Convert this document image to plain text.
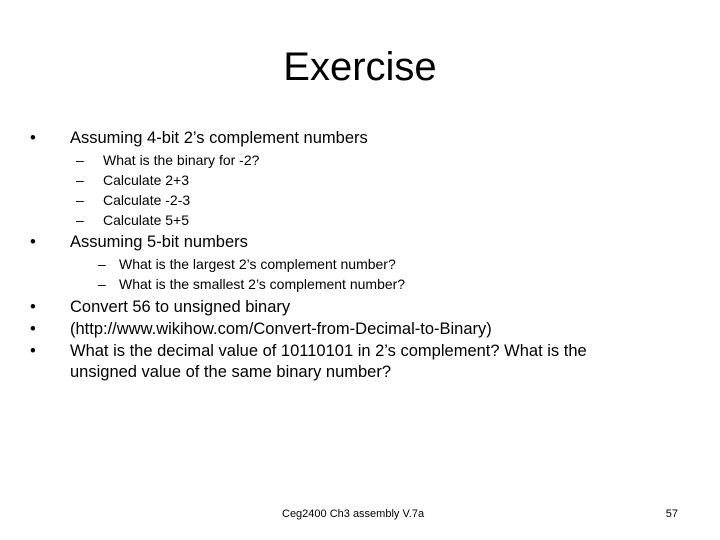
Exercise
•	Assuming 4-bit 2’s complement numbers
– What is the binary for -2?
– Calculate 2+3
– Calculate -2-3
– Calculate 5+5
•	Assuming 5-bit numbers
– What is the largest 2’s complement number?
– What is the smallest 2’s complement number?
•	Convert 56 to unsigned binary
•	(http://www.wikihow.com/Convert-from-Decimal-to-Binary)
•	What is the decimal value of 10110101 in 2’s complement? What is the
unsigned value of the same binary number?
Ceg2400 Ch3 assembly V.7a	57
